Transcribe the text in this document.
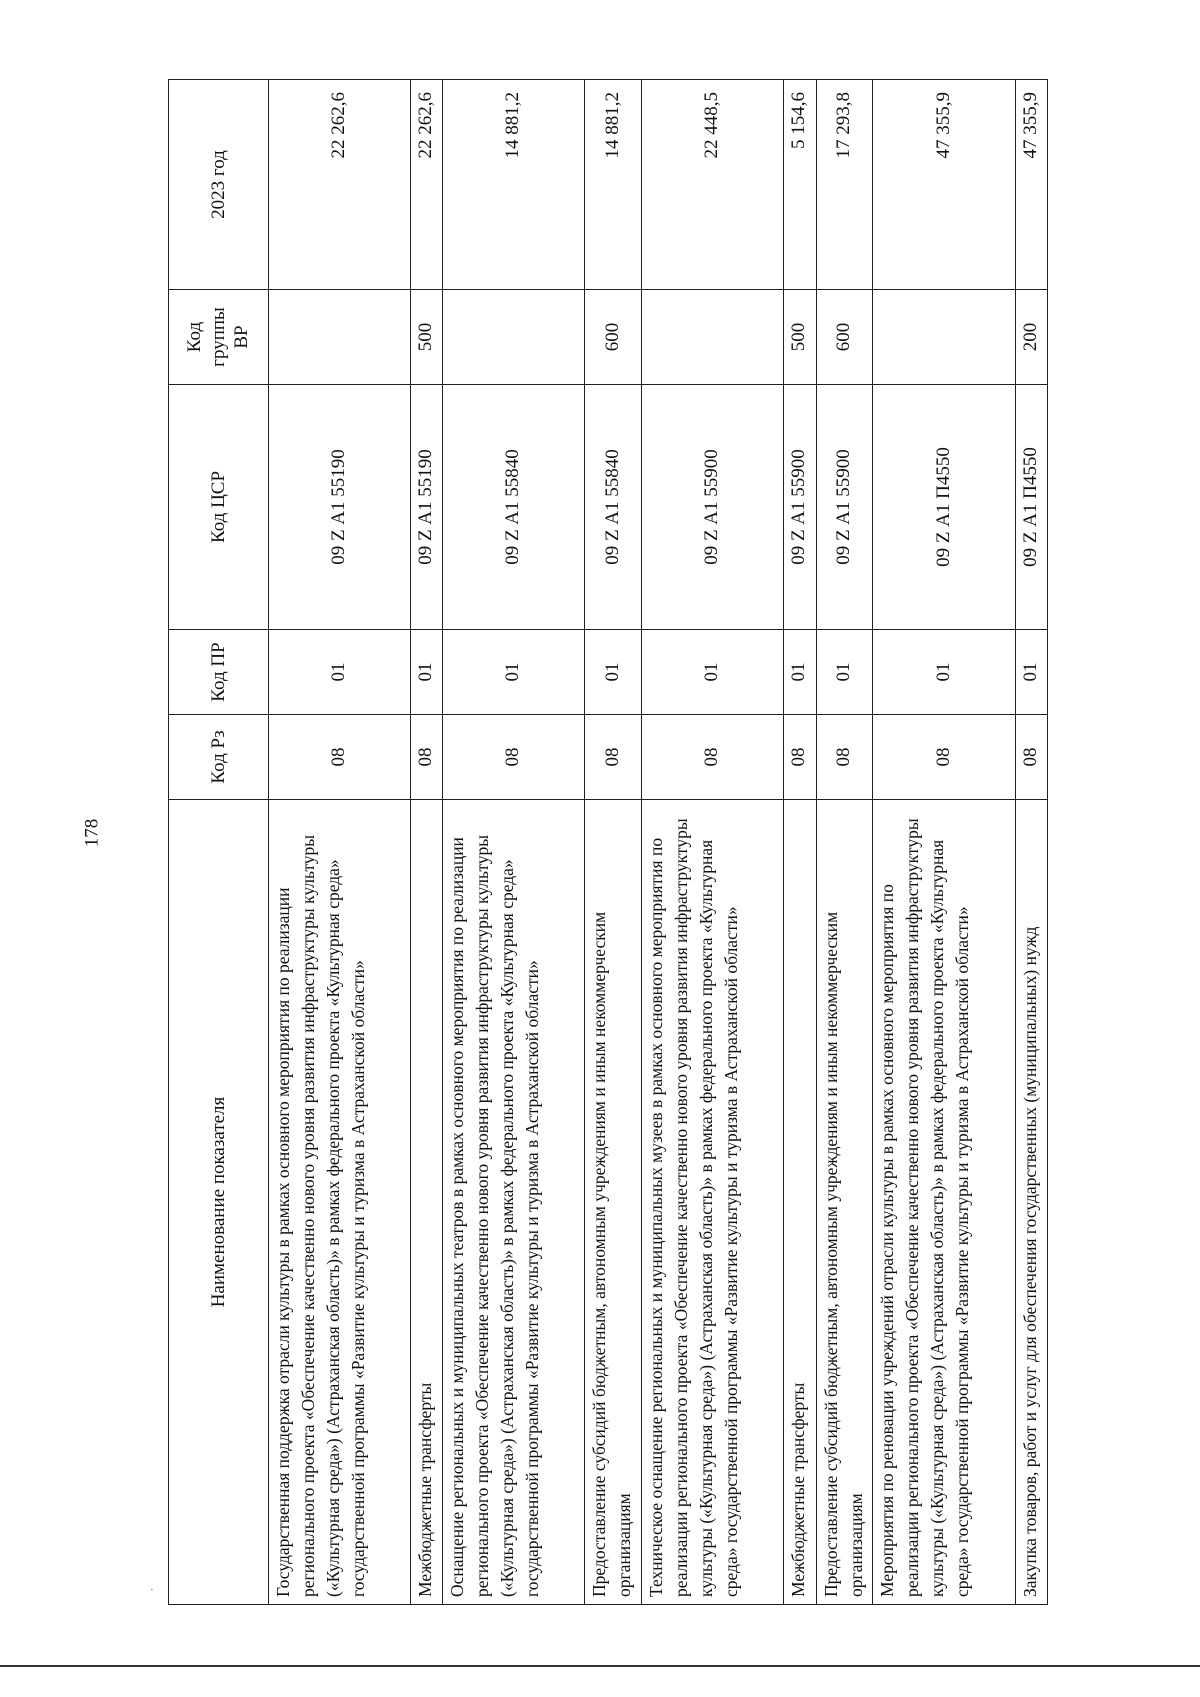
178
Наименование показателя	Код Рз	Код ПР	Код ЦСР	Код группы ВР	2023 год
Государственная поддержка отрасли культуры в рамках основного мероприятия по реализации регионального проекта «Обеспечение качественно нового уровня развития инфраструктуры культуры («Культурная среда») (Астраханская область)» в рамках федерального проекта «Культурная среда» государственной программы «Развитие культуры и туризма в Астраханской области»	08	01	09 Z А1 55190		22 262,6
Межбюджетные трансферты	08	01	09 Z А1 55190	500	22 262,6
Оснащение региональных и муниципальных театров в рамках основного мероприятия по реализации регионального проекта «Обеспечение качественно нового уровня развития инфраструктуры культуры («Культурная среда») (Астраханская область)» в рамках федерального проекта «Культурная среда» государственной программы «Развитие культуры и туризма в Астраханской области»	08	01	09 Z А1 55840		14 881,2
Предоставление субсидий бюджетным, автономным учреждениям и иным некоммерческим организациям	08	01	09 Z А1 55840	600	14 881,2
Техническое оснащение региональных и муниципальных музеев в рамках основного мероприятия по реализации регионального проекта «Обеспечение качественно нового уровня развития инфраструктуры культуры («Культурная среда») (Астраханская область)» в рамках федерального проекта «Культурная среда» государственной программы «Развитие культуры и туризма в Астраханской области»	08	01	09 Z А1 55900		22 448,5
Межбюджетные трансферты	08	01	09 Z А1 55900	500	5 154,6
Предоставление субсидий бюджетным, автономным учреждениям и иным некоммерческим организациям	08	01	09 Z А1 55900	600	17 293,8
Мероприятия по реновации учреждений отрасли культуры в рамках основного мероприятия по реализации регионального проекта «Обеспечение качественно нового уровня развития инфраструктуры культуры («Культурная среда») (Астраханская область)» в рамках федерального проекта «Культурная среда» государственной программы «Развитие культуры и туризма в Астраханской области»	08	01	09 Z А1 П4550		47 355,9
Закупка товаров, работ и услуг для обеспечения государственных (муниципальных) нужд	08	01	09 Z А1 П4550	200	47 355,9
·
